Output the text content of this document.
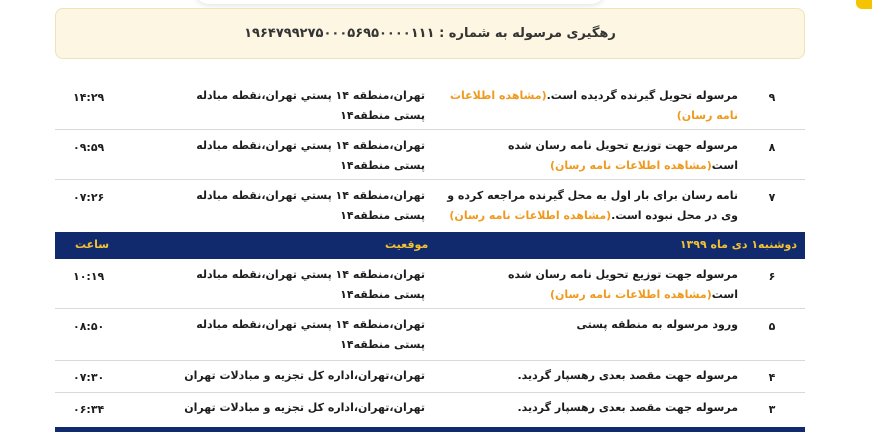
رهگیری مرسوله به شماره : ۱۹۶۴۷۹۹۲۷۵۰۰۰۵۶۹۵۰۰۰۰۱۱۱
۹
مرسوله تحویل گیرنده گردیده است.(مشاهده اطلاعات نامه رسان)
تهران،منطقه ۱۴ پستي تهران،نقطه مبادله پستی منطقه۱۴
۱۴:۲۹
۸
مرسوله جهت توزیع تحویل نامه رسان شده است(مشاهده اطلاعات نامه رسان)
تهران،منطقه ۱۴ پستي تهران،نقطه مبادله پستی منطقه۱۴
۰۹:۵۹
۷
نامه رسان برای بار اول به محل گیرنده مراجعه کرده و وی در محل نبوده است.(مشاهده اطلاعات نامه رسان)
تهران،منطقه ۱۴ پستي تهران،نقطه مبادله پستی منطقه۱۴
۰۷:۲۶
دوشنبه۱ دی ماه ۱۳۹۹
موقعیت
ساعت
۶
مرسوله جهت توزیع تحویل نامه رسان شده است(مشاهده اطلاعات نامه رسان)
تهران،منطقه ۱۴ پستي تهران،نقطه مبادله پستی منطقه۱۴
۱۰:۱۹
۵
ورود مرسوله به منطقه پستی
تهران،منطقه ۱۴ پستي تهران،نقطه مبادله پستی منطقه۱۴
۰۸:۵۰
۴
مرسوله جهت مقصد بعدی رهسپار گردید.
تهران،تهران،اداره کل تجزیه و مبادلات تهران
۰۷:۳۰
۳
مرسوله جهت مقصد بعدی رهسپار گردید.
تهران،تهران،اداره کل تجزیه و مبادلات تهران
۰۶:۳۴
